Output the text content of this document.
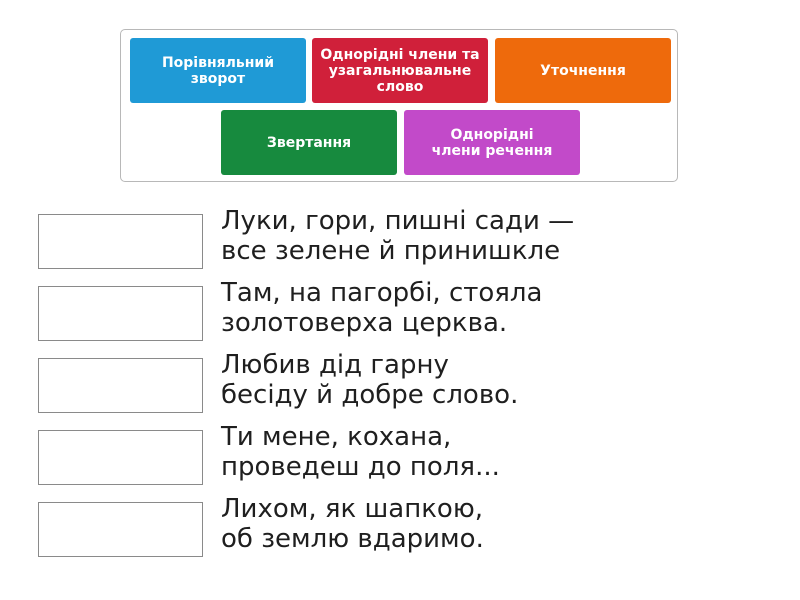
Порівняльний
зворот
Однорідні члени та
узагальнювальне
слово
Уточнення
Звертання	Однорідні
члени речення
Луки, гори, пишні сади —
все зелене й принишкле
Там, на пагорбі, стояла
золотоверха церква.
Любив дід гарну
бесіду й добре слово.
Ти мене, кохана,
проведеш до поля...
Лихом, як шапкою,
об землю вдаримо.
